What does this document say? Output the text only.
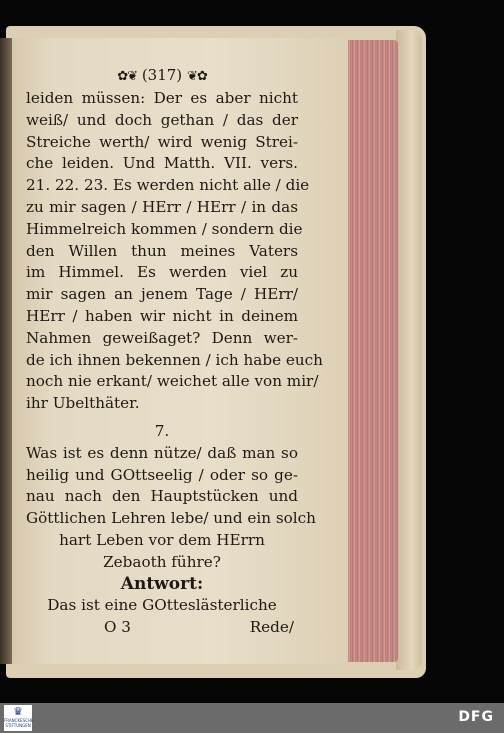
✿❦ (317) ❦✿
leiden müssen: Der es aber nicht
weiß/ und doch gethan / das der
Streiche werth/ wird wenig Strei-
che leiden. Und Matth. VII. vers.
21. 22. 23. Es werden nicht alle / die
zu mir sagen / HErr / HErr / in das
Himmelreich kommen / sondern die
den Willen thun meines Vaters
im Himmel. Es werden viel zu
mir sagen an jenem Tage / HErr/
HErr / haben wir nicht in deinem
Nahmen geweißaget? Denn wer-
de ich ihnen bekennen / ich habe euch
noch nie erkant/ weichet alle von mir/
ihr Ubelthäter.
7.
Was ist es denn nütze/ daß man so
heilig und GOttseelig / oder so ge-
nau nach den Hauptstücken und
Göttlichen Lehren lebe/ und ein solch
hart Leben vor dem HErrn
Zebaoth führe?
Antwort:
Das ist eine GOtteslästerliche
O 3	Rede/
♛
FRANCKESCHE STIFTUNGEN
DFG
